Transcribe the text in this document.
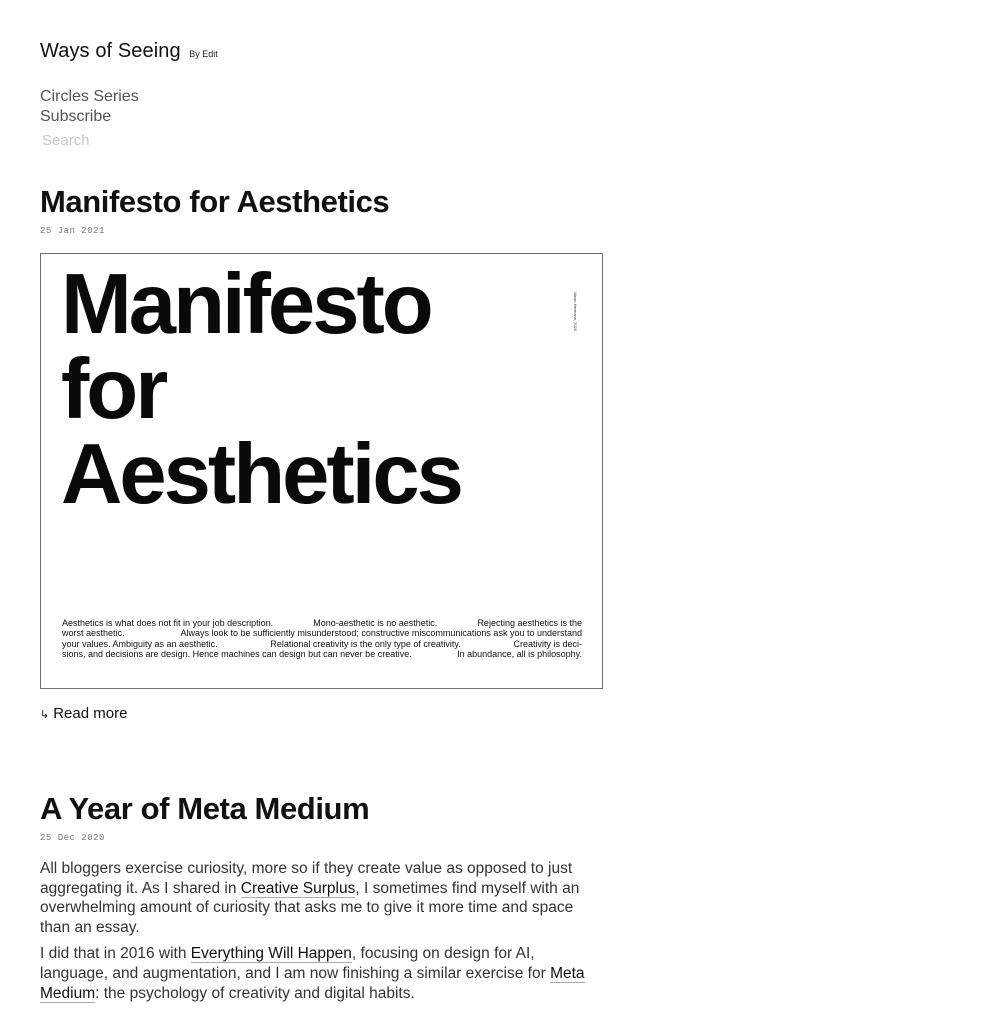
Ways of Seeing By Edit
Circles Series
Subscribe
Search
Manifesto for Aesthetics
25 Jan 2021
Manifesto
for
Aesthetics
Ninon Hermann, 2020
Aesthetics is what does not fit in your job description.	Mono-aesthetic is no aesthetic.	Rejecting aesthetics is the
worst aesthetic.	Always look to be sufficiently misunderstood; constructive miscommunications ask you to understand
your values. Ambiguity as an aesthetic.	Relational creativity is the only type of creativity.	Creativity is deci-
sions, and decisions are design. Hence machines can design but can never be creative.	In abundance, all is philosophy.
↳ Read more
A Year of Meta Medium
25 Dec 2020

All bloggers exercise curiosity, more so if they create value as opposed to just aggregating it. As I shared in Creative Surplus, I sometimes find myself with an overwhelming amount of curiosity that asks me to give it more time and space than an essay.

I did that in 2016 with Everything Will Happen, focusing on design for AI, language, and augmentation, and I am now finishing a similar exercise for Meta Medium: the psychology of creativity and digital habits.
